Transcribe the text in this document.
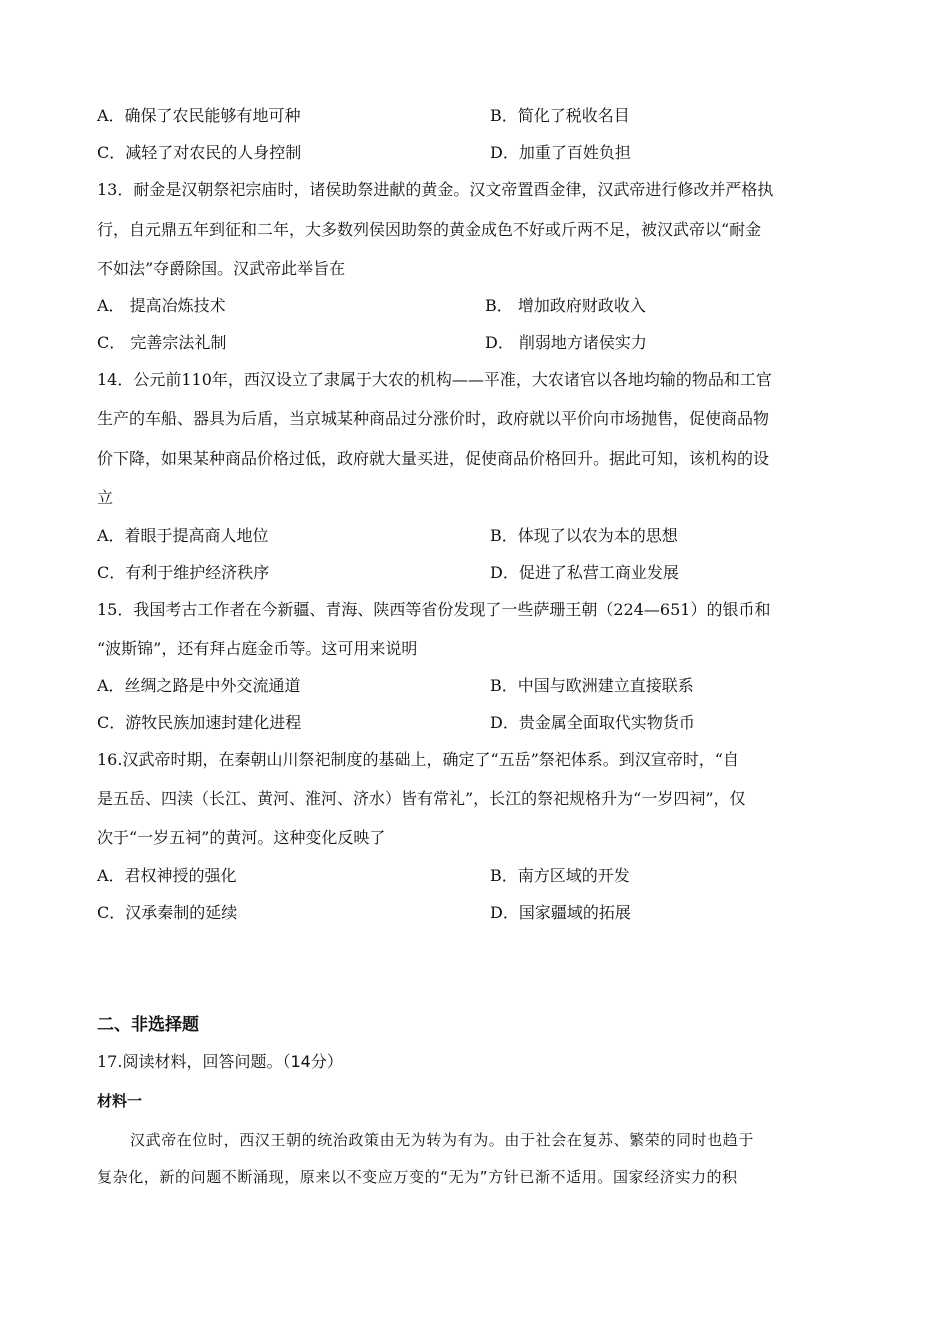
A．确保了农民能够有地可种	B．简化了税收名目
C．减轻了对农民的人身控制	D．加重了百姓负担
13．耐金是汉朝祭祀宗庙时，诸侯助祭进献的黄金。汉文帝置酉金律，汉武帝进行修改并严格执
行，自元鼎五年到征和二年，大多数列侯因助祭的黄金成色不好或斤两不足，被汉武帝以“耐金
不如法”夺爵除国。汉武帝此举旨在
A． 提高冶炼技术	B． 增加政府财政收入
C． 完善宗法礼制	D． 削弱地方诸侯实力
14．公元前110年，西汉设立了隶属于大农的机构——平准，大农诸官以各地均输的物品和工官
生产的车船、器具为后盾，当京城某种商品过分涨价时，政府就以平价向市场抛售，促使商品物
价下降，如果某种商品价格过低，政府就大量买进，促使商品价格回升。据此可知，该机构的设
立
A．着眼于提高商人地位	B．体现了以农为本的思想
C．有利于维护经济秩序	D．促进了私营工商业发展
15．我国考古工作者在今新疆、青海、陕西等省份发现了一些萨珊王朝（224—651）的银币和
“波斯锦”，还有拜占庭金币等。这可用来说明
A．丝绸之路是中外交流通道	B．中国与欧洲建立直接联系
C．游牧民族加速封建化进程	D．贵金属全面取代实物货币
16.汉武帝时期，在秦朝山川祭祀制度的基础上，确定了“五岳”祭祀体系。到汉宣帝时，“自
是五岳、四渎（长江、黄河、淮河、济水）皆有常礼”，长江的祭祀规格升为“一岁四祠”，仅
次于“一岁五祠”的黄河。这种变化反映了
A．君权神授的强化	B．南方区域的开发
C．汉承秦制的延续	D．国家疆域的拓展
二、非选择题
17.阅读材料，回答问题。（14分）
材料一
汉武帝在位时，西汉王朝的统治政策由无为转为有为。由于社会在复苏、繁荣的同时也趋于
复杂化，新的问题不断涌现，原来以不变应万变的“无为”方针已渐不适用。国家经济实力的积
